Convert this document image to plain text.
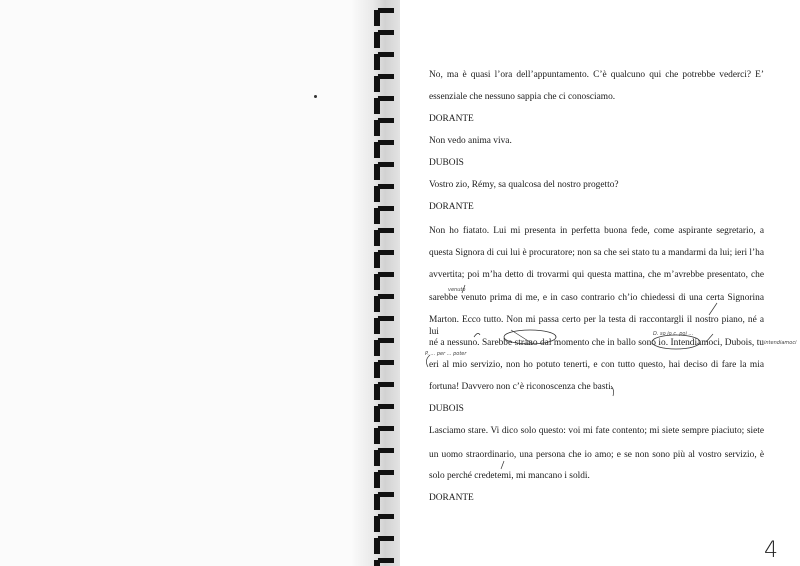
No, ma è quasi l’ora dell’appuntamento. C’è qualcuno qui che potrebbe vederci? E’
essenziale che nessuno sappia che ci conosciamo.
DORANTE
Non vedo anima viva.
DUBOIS
Vostro zio, Rémy, sa qualcosa del nostro progetto?
DORANTE
Non ho fiatato. Lui mi presenta in perfetta buona fede, come aspirante segretario, a
questa Signora di cui lui è procuratore; non sa che sei stato tu a mandarmi da lui; ieri l’ha
avvertita; poi m’ha detto di trovarmi qui questa mattina, che m’avrebbe presentato, che
sarebbe venuto prima di me, e in caso contrario ch’io chiedessi di una certa Signorina
Marton. Ecco tutto. Non mi passa certo per la testa di raccontargli il nostro piano, né a lui
né a nessuno. Sarebbe strano dal momento che in ballo sono io. Intendiamoci, Dubois, tu
eri al mio servizio, non ho potuto tenerti, e con tutto questo, hai deciso di fare la mia
fortuna! Davvero non c’è riconoscenza che basti.
DUBOIS
Lasciamo stare. Vi dico solo questo: voi mi fate contento; mi siete sempre piaciuto; siete
un uomo straordinario, una persona che io amo; e se non sono più al vostro servizio, è
solo perché credetemi, mi mancano i soldi.
DORANTE
venuto
D. so io c. poi ...
P. ... per ... poter
intendiamoci
4
